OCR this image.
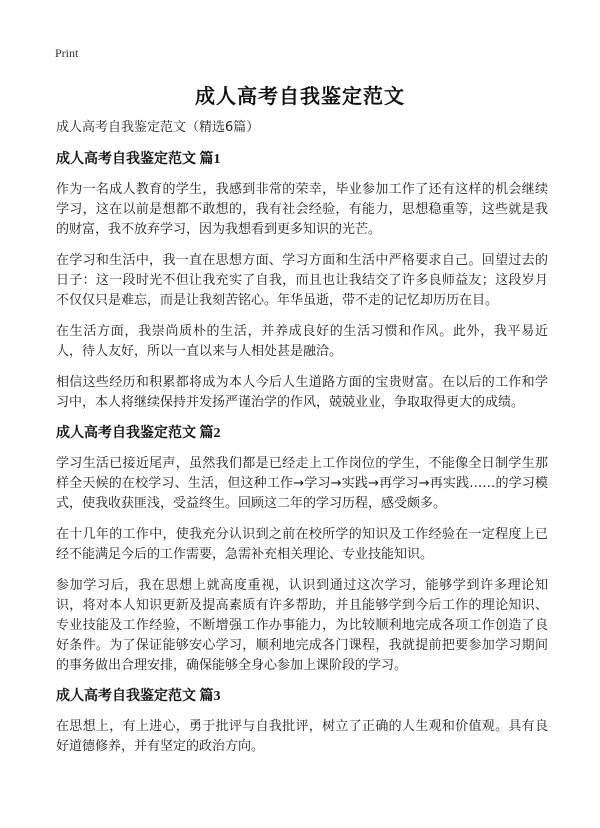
Print
成人高考自我鉴定范文
成人高考自我鉴定范文（精选6篇）
成人高考自我鉴定范文 篇1

作为一名成人教育的学生，我感到非常的荣幸，毕业参加工作了还有这样的机会继续学习，这在以前是想都不敢想的，我有社会经验，有能力，思想稳重等，这些就是我的财富，我不放弃学习，因为我想看到更多知识的光芒。

在学习和生活中，我一直在思想方面、学习方面和生活中严格要求自己。回望过去的日子：这一段时光不但让我充实了自我，而且也让我结交了许多良师益友；这段岁月不仅仅只是难忘，而是让我刻苦铭心。年华虽逝，带不走的记忆却历历在目。

在生活方面，我崇尚质朴的生活，并养成良好的生活习惯和作风。此外，我平易近人，待人友好，所以一直以来与人相处甚是融洽。

相信这些经历和积累都将成为本人今后人生道路方面的宝贵财富。在以后的工作和学习中，本人将继续保持并发扬严谨治学的作风，兢兢业业，争取取得更大的成绩。

成人高考自我鉴定范文 篇2

学习生活已接近尾声，虽然我们都是已经走上工作岗位的学生，不能像全日制学生那样全天候的在校学习、生活，但这种工作→学习→实践→再学习→再实践……的学习模式，使我收获匪浅，受益终生。回顾这二年的学习历程，感受颇多。

在十几年的工作中，使我充分认识到之前在校所学的知识及工作经验在一定程度上已经不能满足今后的工作需要，急需补充相关理论、专业技能知识。

参加学习后，我在思想上就高度重视，认识到通过这次学习，能够学到许多理论知识，将对本人知识更新及提高素质有许多帮助，并且能够学到今后工作的理论知识、专业技能及工作经验，不断增强工作办事能力，为比较顺利地完成各项工作创造了良好条件。为了保证能够安心学习，顺利地完成各门课程，我就提前把要参加学习期间的事务做出合理安排，确保能够全身心参加上课阶段的学习。

成人高考自我鉴定范文 篇3

在思想上，有上进心，勇于批评与自我批评，树立了正确的人生观和价值观。具有良好道德修养，并有坚定的政治方向。
